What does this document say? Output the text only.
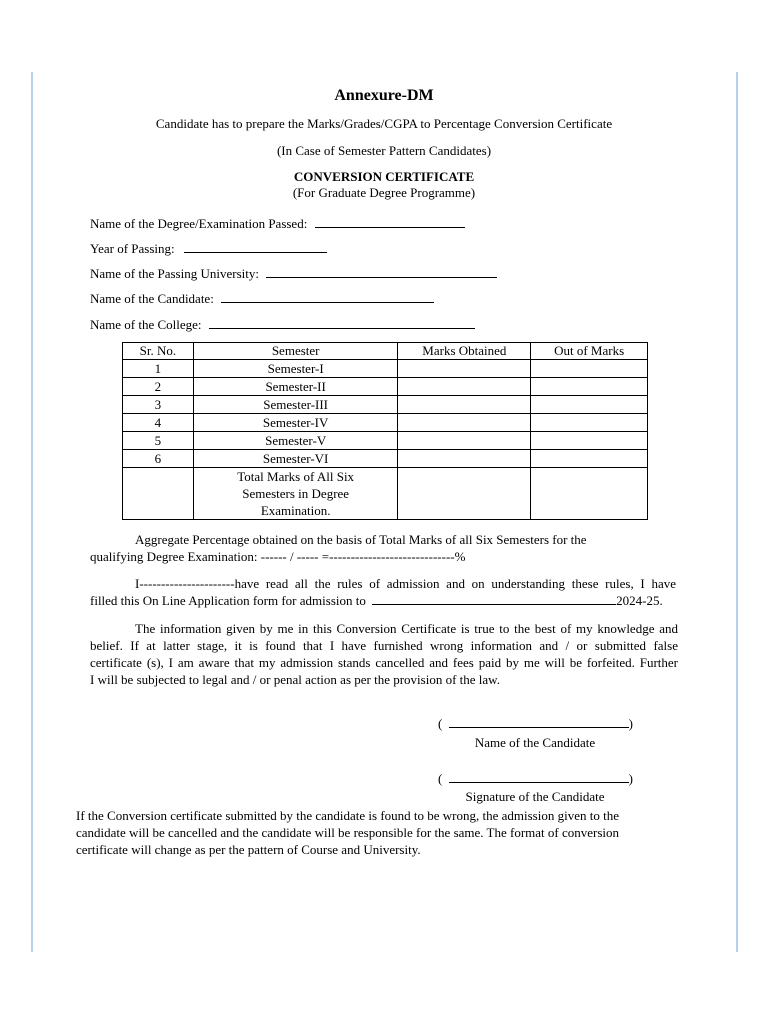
Annexure-DM
Candidate has to prepare the Marks/Grades/CGPA to Percentage Conversion Certificate
(In Case of Semester Pattern Candidates)
CONVERSION CERTIFICATE
(For Graduate Degree Programme)
Name of the Degree/Examination Passed:
Year of Passing:
Name of the Passing University:
Name of the Candidate:
Name of the College:
Sr. No.	Semester	Marks Obtained	Out of Marks
1	Semester-I		
2	Semester-II		
3	Semester-III		
4	Semester-IV		
5	Semester-V		
6	Semester-VI		

	Total Marks of All Six
Semesters in Degree
Examination.		

Aggregate Percentage obtained on the basis of Total Marks of all Six Semesters for the
qualifying Degree Examination: ------ / ----- =-----------------------------%
I----------------------have read all the rules of admission and on understanding these rules, I have
filled this On Line Application form for admission to	2024-25.
The information given by me in this Conversion Certificate is true to the best of my knowledge and
belief. If at latter stage, it is found that I have furnished wrong information and / or submitted false
certificate (s), I am aware that my admission stands cancelled and fees paid by me will be forfeited. Further
I will be subjected to legal and / or penal action as per the provision of the law.
(	)
Name of the Candidate
(	)
Signature of the Candidate
If the Conversion certificate submitted by the candidate is found to be wrong, the admission given to the
candidate will be cancelled and the candidate will be responsible for the same. The format of conversion
certificate will change as per the pattern of Course and University.
